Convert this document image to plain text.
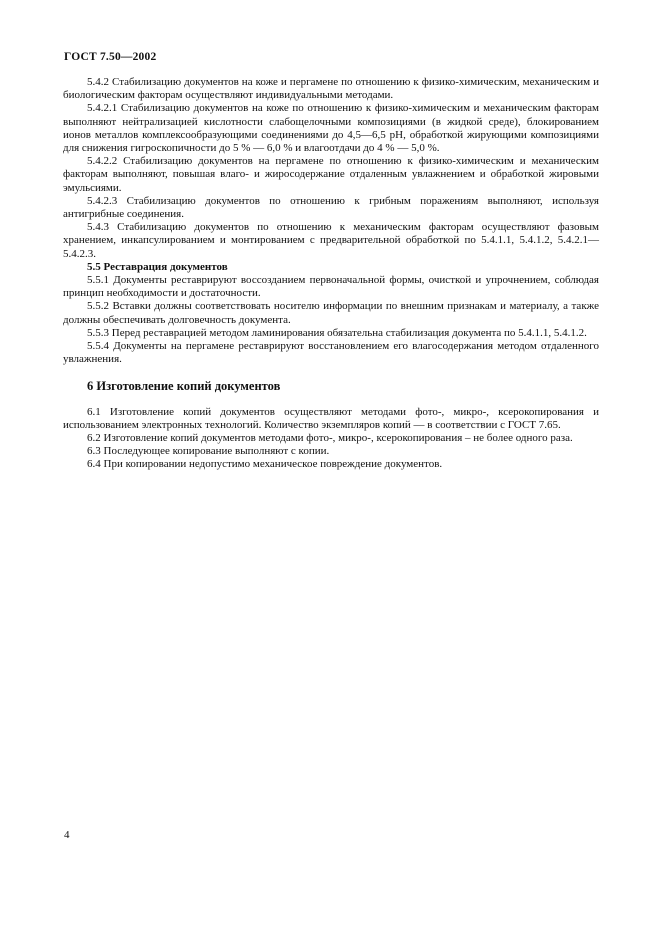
ГОСТ 7.50—2002

5.4.2 Стабилизацию документов на коже и пергамене по отношению к физико-химическим, механическим и биологическим факторам осуществляют индивидуальными методами.

5.4.2.1 Стабилизацию документов на коже по отношению к физико-химическим и механическим факторам выполняют нейтрализацией кислотности слабощелочными композициями (в жидкой среде), блокированием ионов металлов комплексообразующими соединениями до 4,5—6,5 pH, обработкой жирующими композициями для снижения гигроскопичности до 5 % — 6,0 % и влагоотдачи до 4 % — 5,0 %.

5.4.2.2 Стабилизацию документов на пергамене по отношению к физико-химическим и механическим факторам выполняют, повышая влаго- и жиросодержание отдаленным увлажнением и обработкой жировыми эмульсиями.

5.4.2.3 Стабилизацию документов по отношению к грибным поражениям выполняют, используя антигрибные соединения.

5.4.3 Стабилизацию документов по отношению к механическим факторам осуществляют фазовым хранением, инкапсулированием и монтированием с предварительной обработкой по 5.4.1.1, 5.4.1.2, 5.4.2.1—5.4.2.3.

5.5 Реставрация документов

5.5.1 Документы реставрируют воссозданием первоначальной формы, очисткой и упрочнением, соблюдая принцип необходимости и достаточности.

5.5.2 Вставки должны соответствовать носителю информации по внешним признакам и материалу, а также должны обеспечивать долговечность документа.

5.5.3 Перед реставрацией методом ламинирования обязательна стабилизация документа по 5.4.1.1, 5.4.1.2.

5.5.4 Документы на пергамене реставрируют восстановлением его влагосодержания методом отдаленного увлажнения.

6 Изготовление копий документов

6.1 Изготовление копий документов осуществляют методами фото-, микро-, ксерокопирования и использованием электронных технологий. Количество экземпляров копий — в соответствии с ГОСТ 7.65.

6.2 Изготовление копий документов методами фото-, микро-, ксерокопирования – не более одного раза.

6.3 Последующее копирование выполняют с копии.

6.4 При копировании недопустимо механическое повреждение документов.

4
